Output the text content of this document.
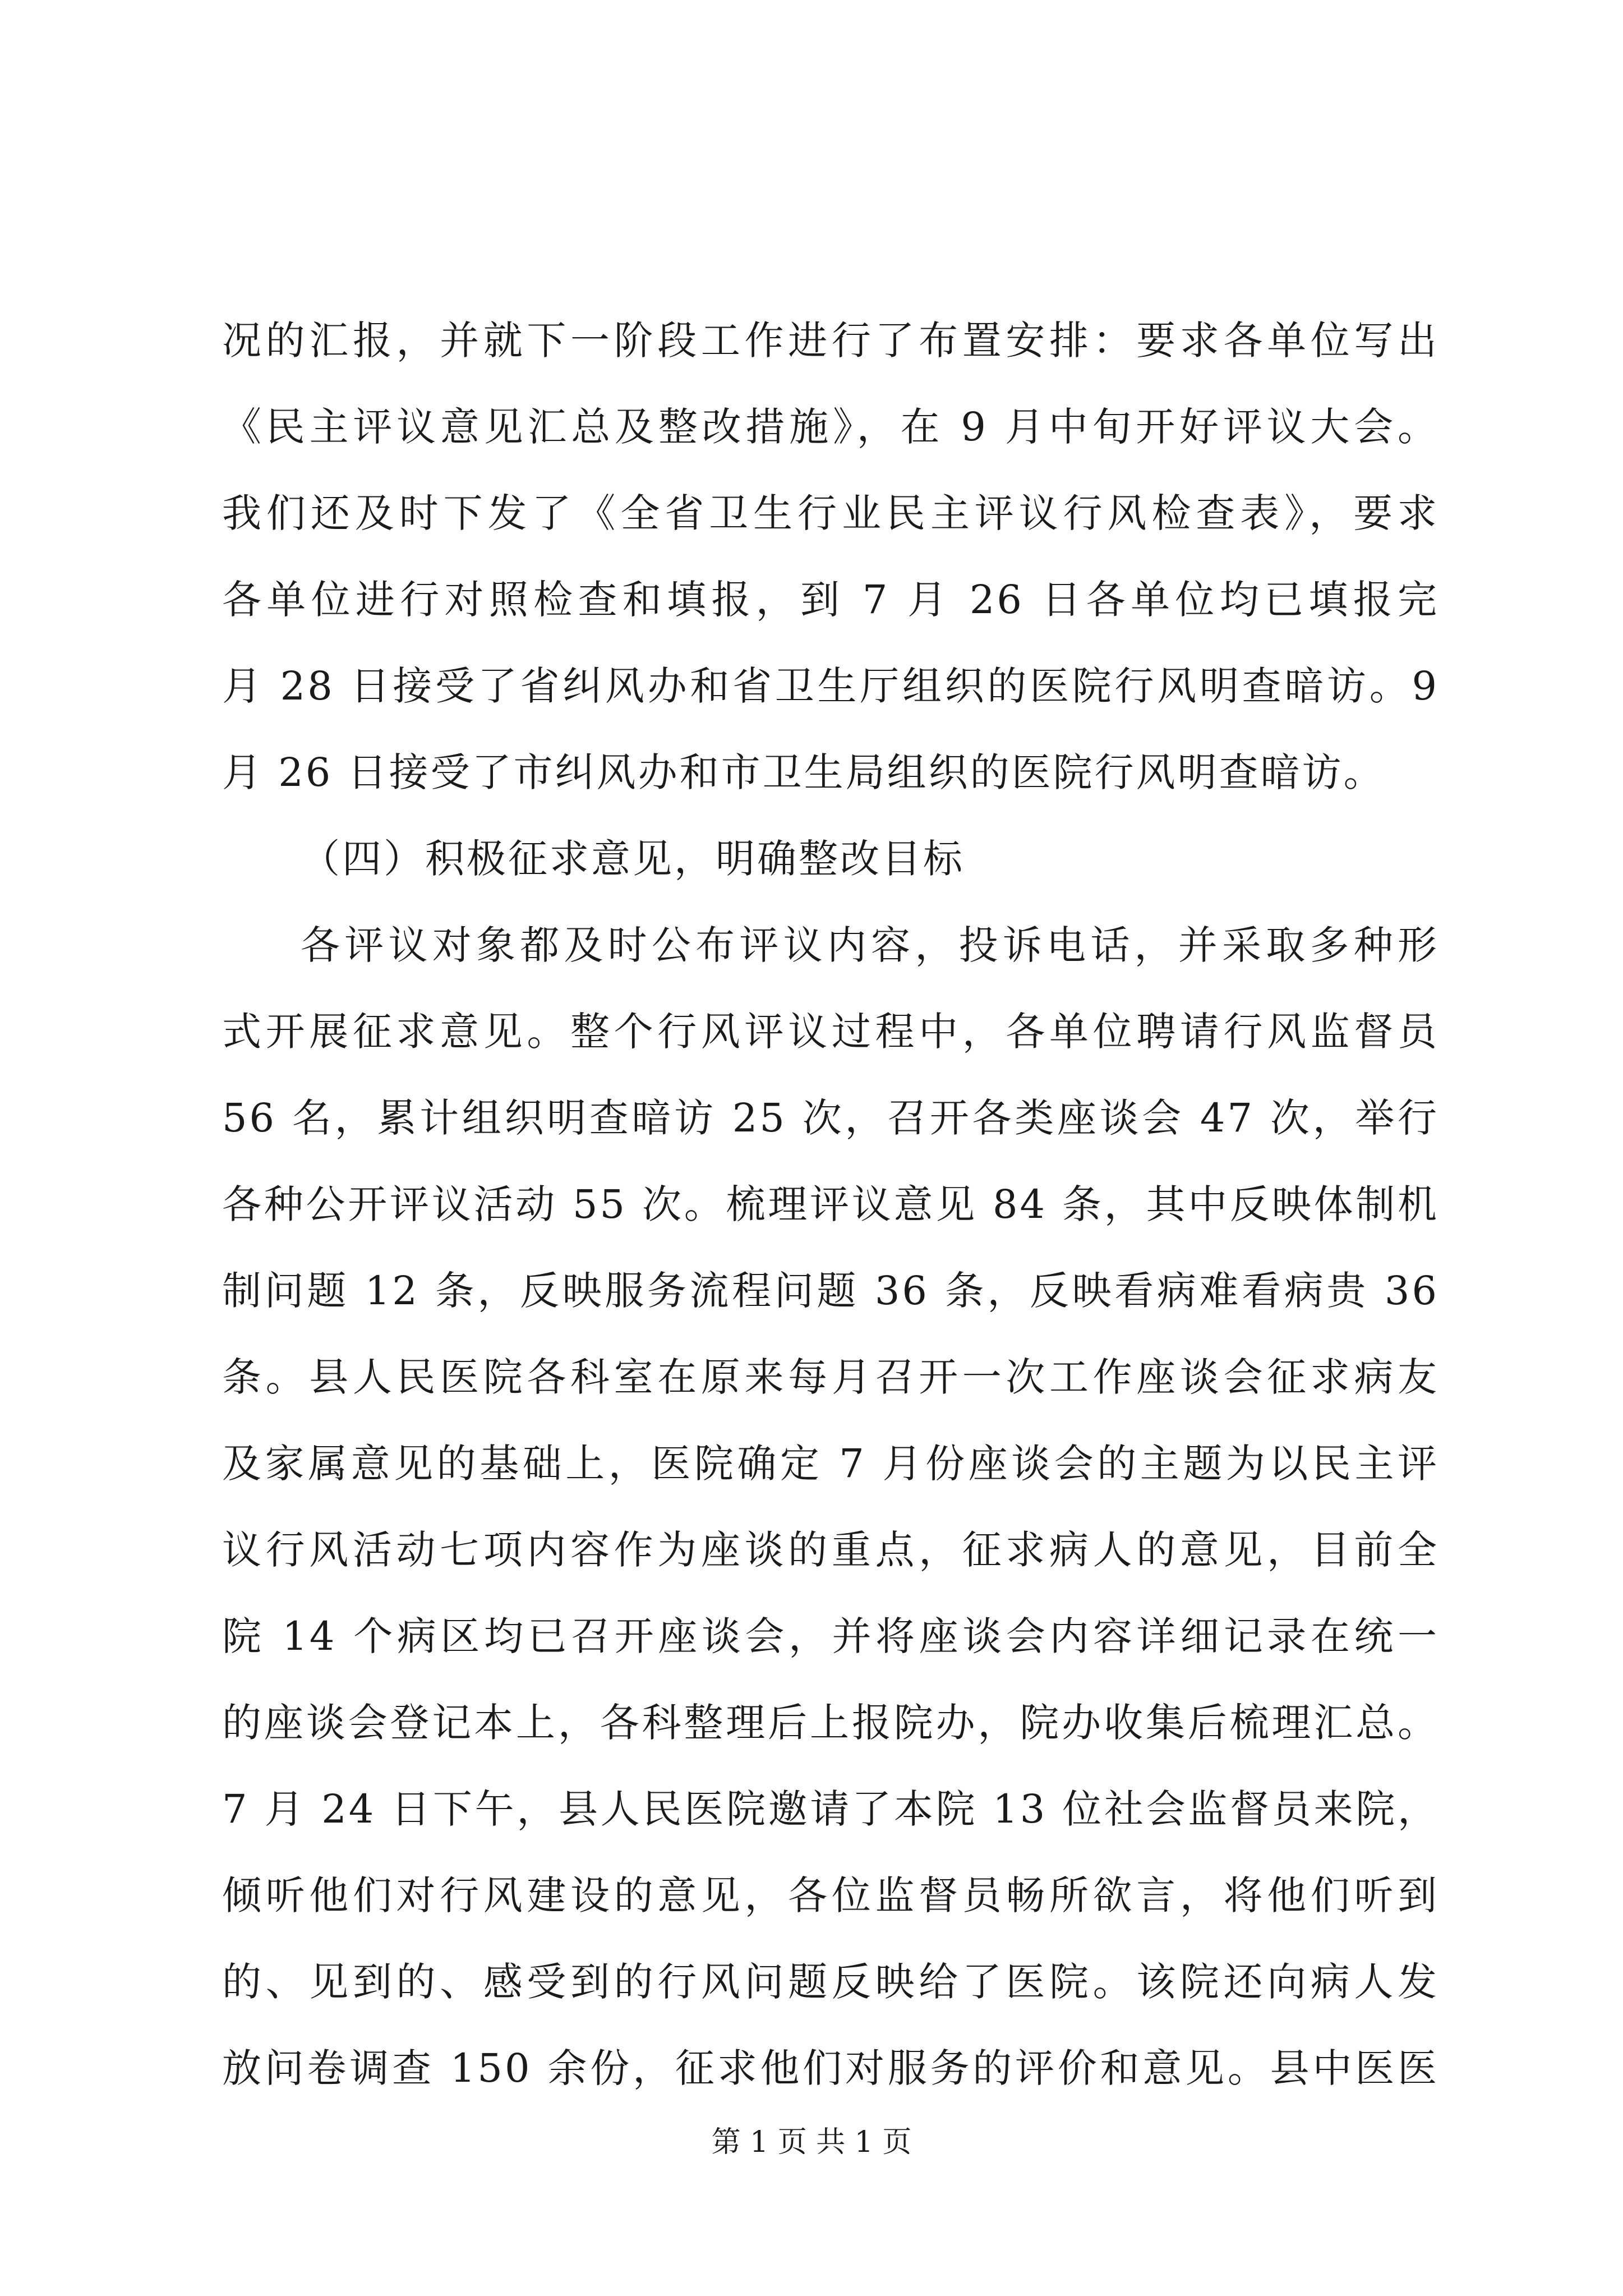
况的汇报，并就下一阶段工作进行了布置安排：要求各单位写出
《民主评议意见汇总及整改措施》，在 9 月中旬开好评议大会。
我们还及时下发了《全省卫生行业民主评议行风检查表》，要求
各单位进行对照检查和填报，到 7 月 26 日各单位均已填报完
月 28 日接受了省纠风办和省卫生厅组织的医院行风明查暗访。9
月 26 日接受了市纠风办和市卫生局组织的医院行风明查暗访。
（四）积极征求意见，明确整改目标
各评议对象都及时公布评议内容，投诉电话，并采取多种形
式开展征求意见。整个行风评议过程中，各单位聘请行风监督员
56 名，累计组织明查暗访 25 次，召开各类座谈会 47 次，举行
各种公开评议活动 55 次。梳理评议意见 84 条，其中反映体制机
制问题 12 条，反映服务流程问题 36 条，反映看病难看病贵 36
条。县人民医院各科室在原来每月召开一次工作座谈会征求病友
及家属意见的基础上，医院确定 7 月份座谈会的主题为以民主评
议行风活动七项内容作为座谈的重点，征求病人的意见，目前全
院 14 个病区均已召开座谈会，并将座谈会内容详细记录在统一
的座谈会登记本上，各科整理后上报院办，院办收集后梳理汇总。
7 月 24 日下午，县人民医院邀请了本院 13 位社会监督员来院，
倾听他们对行风建设的意见，各位监督员畅所欲言，将他们听到
的、见到的、感受到的行风问题反映给了医院。该院还向病人发
放问卷调查 150 余份，征求他们对服务的评价和意见。县中医医
第 1 页 共 1 页
